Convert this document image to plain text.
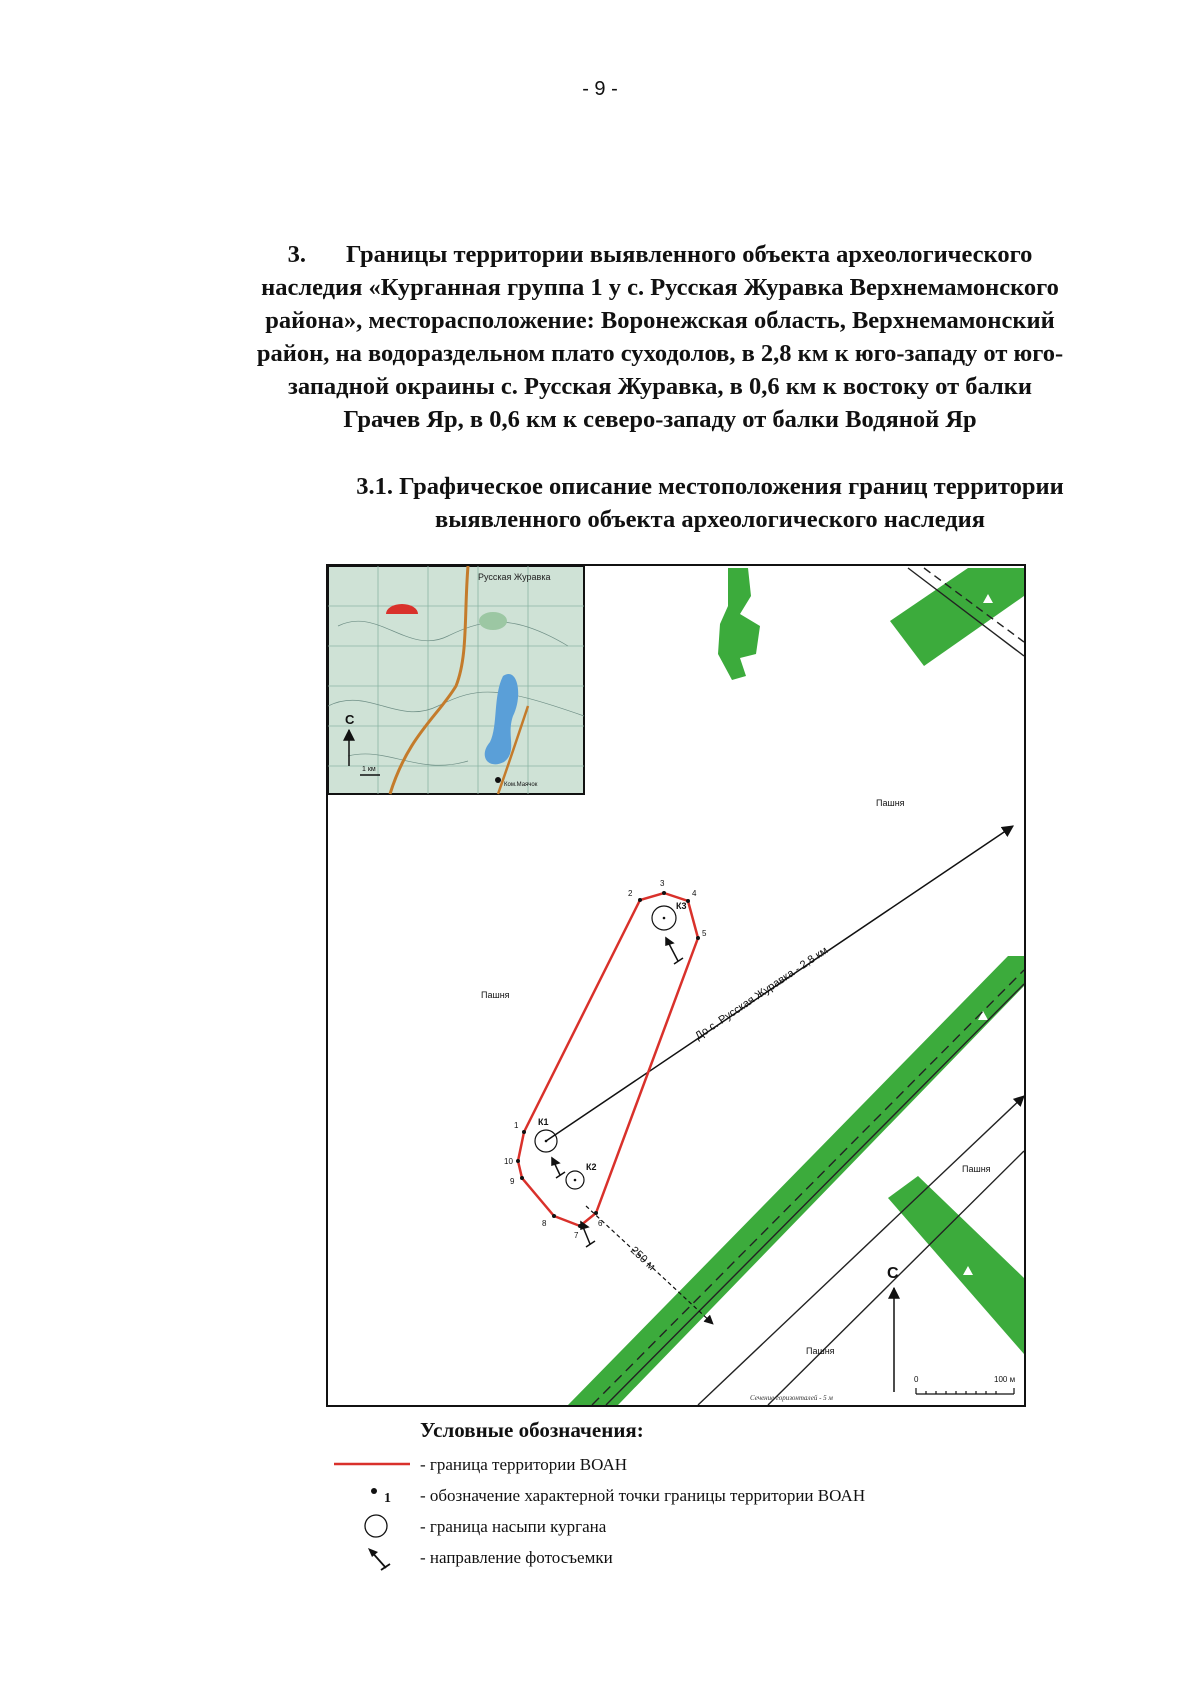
- 9 -
3. Границы территории выявленного объекта археологического
наследия «Курганная группа 1 у с. Русская Журавка Верхнемамонского
района», месторасположение: Воронежская область, Верхнемамонский
район, на водораздельном плато суходолов, в 2,8 км к юго-западу от юго-
западной окраины с. Русская Журавка, в 0,6 км к востоку от балки
Грачев Яр, в 0,6 км к северо-западу от балки Водяной Яр
3.1. Графическое описание местоположения границ территории
выявленного объекта археологического наследия
Русская Журавка
С
1 км
Ком.Маячок
До с. Русская Журавка - 2,8 км
250 м
1
2
3
4
5
6
7
8
9
10
К1
К2
К3
Пашня
Пашня
Пашня
Пашня
С
0	100 м
Сечение горизонталей - 5 м
Условные обозначения:
- граница территории ВОАН
1 - обозначение характерной точки границы территории ВОАН
- граница насыпи кургана
- направление фотосъемки
